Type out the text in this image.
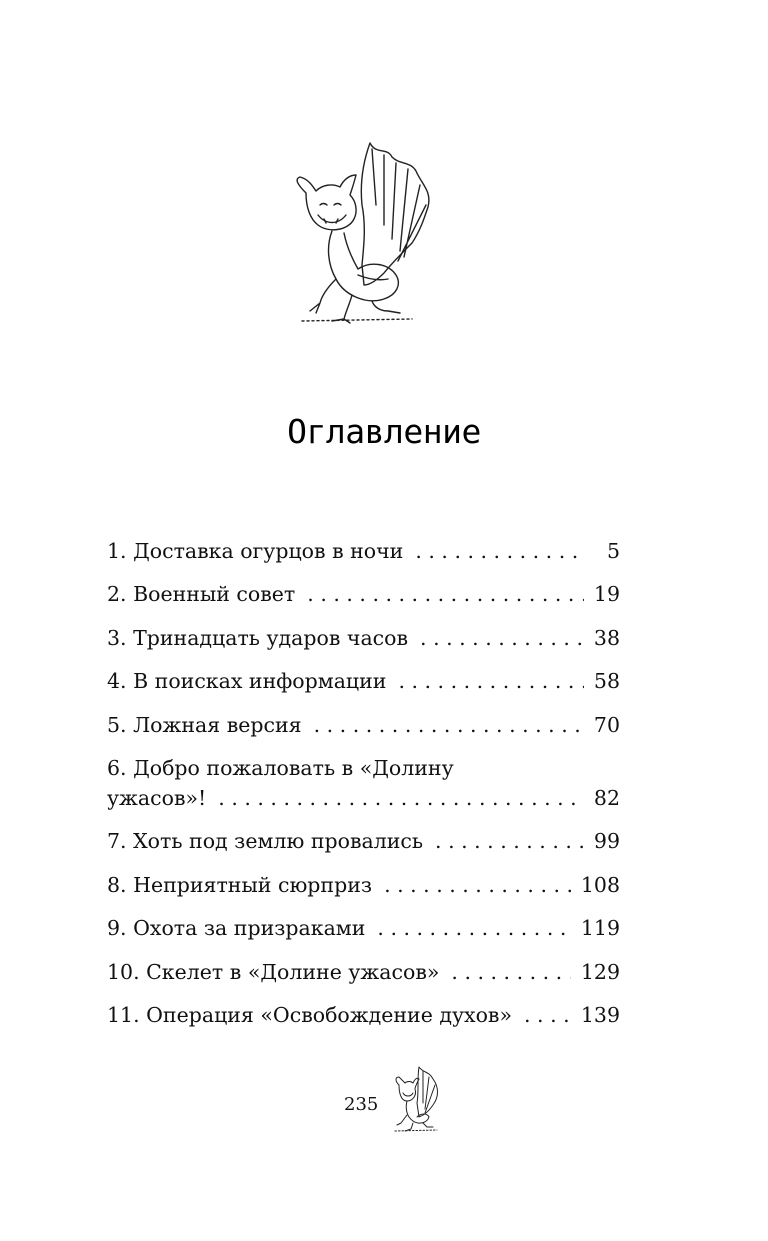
Оглавление
1. Доставка огурцов в ночи . . .	5
2. Военный совет . . .	19
3. Тринадцать ударов часов . . .	38
4. В поисках информации . . .	58
5. Ложная версия . . .	70
6. Добро пожаловать в «Долину
ужасов»! . . .	82
7. Хоть под землю провались . . .	99
8. Неприятный сюрприз . . .	108
9. Охота за призраками . . .	119
10. Скелет в «Долине ужасов» . . .	129
11. Операция «Освобождение духов» . . .	139
235
